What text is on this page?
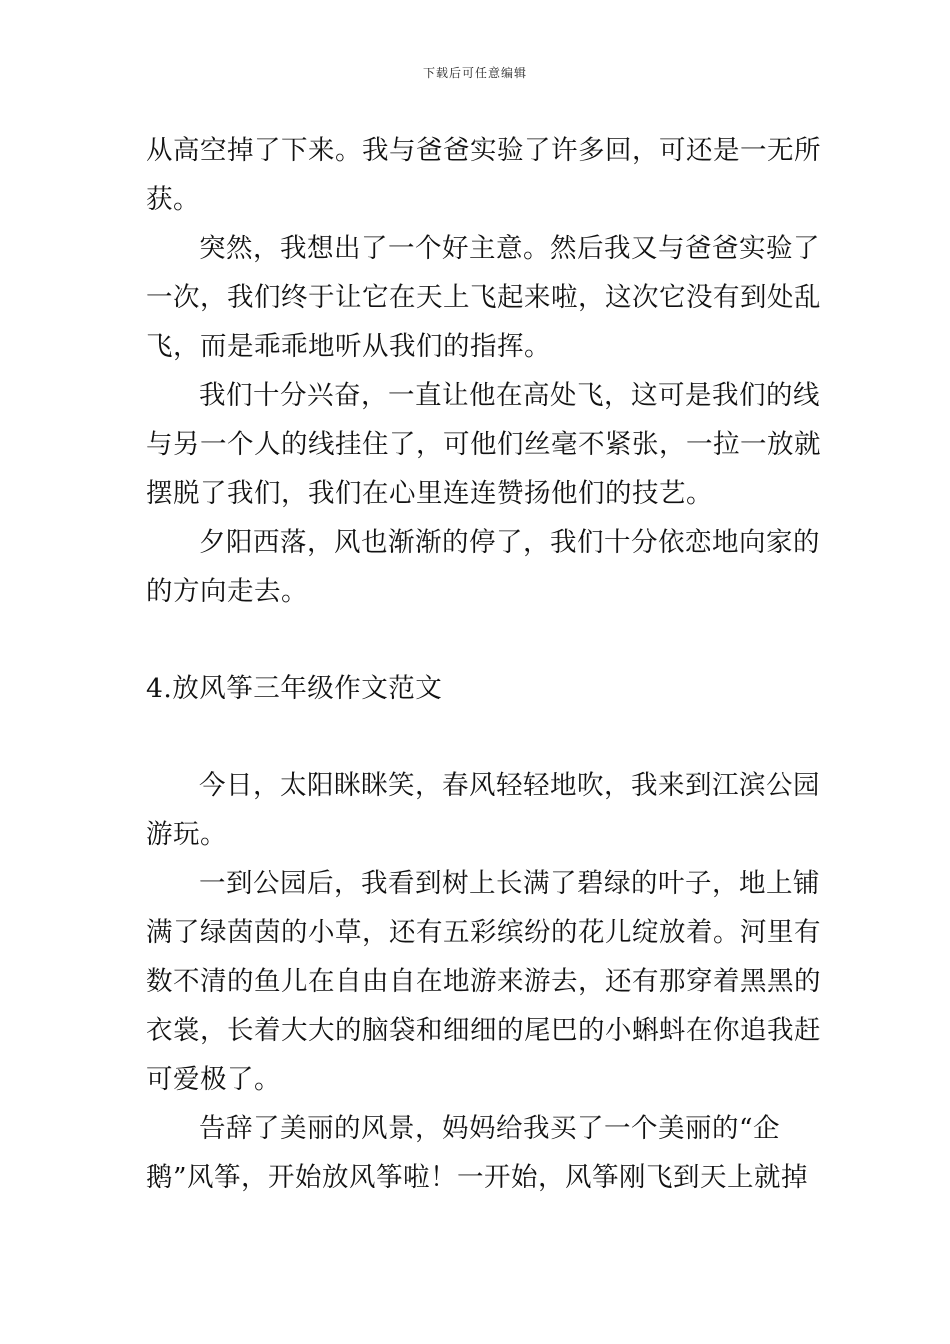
下载后可任意编辑
从高空掉了下来。我与爸爸实验了许多回，可还是一无所
获。
突然，我想出了一个好主意。然后我又与爸爸实验了
一次，我们终于让它在天上飞起来啦，这次它没有到处乱
飞，而是乖乖地听从我们的指挥。
我们十分兴奋，一直让他在高处飞，这可是我们的线
与另一个人的线挂住了，可他们丝毫不紧张，一拉一放就
摆脱了我们，我们在心里连连赞扬他们的技艺。
夕阳西落，风也渐渐的停了，我们十分依恋地向家的
的方向走去。
4.放风筝三年级作文范文
今日，太阳眯眯笑，春风轻轻地吹，我来到江滨公园
游玩。
一到公园后，我看到树上长满了碧绿的叶子，地上铺
满了绿茵茵的小草，还有五彩缤纷的花儿绽放着。河里有
数不清的鱼儿在自由自在地游来游去，还有那穿着黑黑的
衣裳，长着大大的脑袋和细细的尾巴的小蝌蚪在你追我赶
可爱极了。
告辞了美丽的风景，妈妈给我买了一个美丽的“企
鹅”风筝，开始放风筝啦！一开始，风筝刚飞到天上就掉
